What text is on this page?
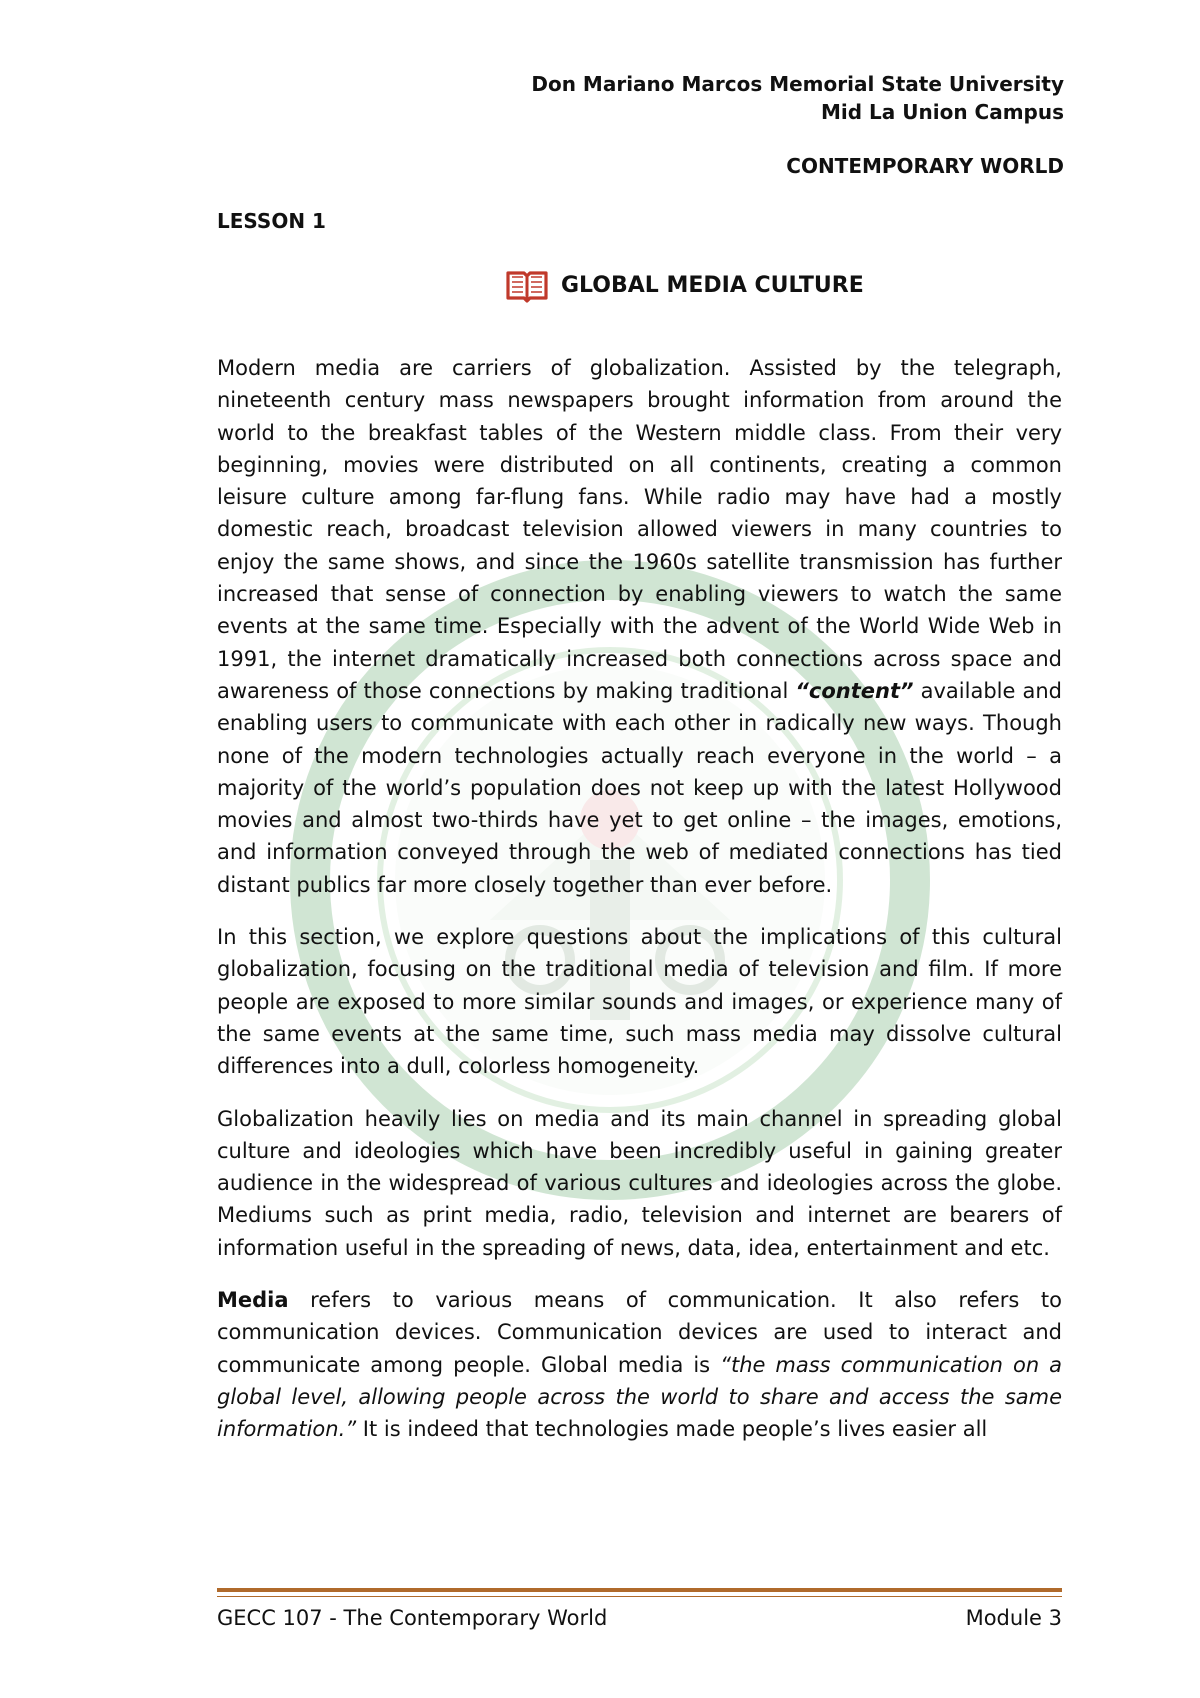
Don Mariano Marcos Memorial State University
Mid La Union Campus
CONTEMPORARY WORLD
LESSON 1
GLOBAL MEDIA CULTURE

Modern media are carriers of globalization. Assisted by the telegraph, nineteenth century mass newspapers brought information from around the world to the breakfast tables of the Western middle class. From their very beginning, movies were distributed on all continents, creating a common leisure culture among far-flung fans. While radio may have had a mostly domestic reach, broadcast television allowed viewers in many countries to enjoy the same shows, and since the 1960s satellite transmission has further increased that sense of connection by enabling viewers to watch the same events at the same time. Especially with the advent of the World Wide Web in 1991, the internet dramatically increased both connections across space and awareness of those connections by making traditional “content” available and enabling users to communicate with each other in radically new ways. Though none of the modern technologies actually reach everyone in the world – a majority of the world’s population does not keep up with the latest Hollywood movies and almost two-thirds have yet to get online – the images, emotions, and information conveyed through the web of mediated connections has tied distant publics far more closely together than ever before.

In this section, we explore questions about the implications of this cultural globalization, focusing on the traditional media of television and film. If more people are exposed to more similar sounds and images, or experience many of the same events at the same time, such mass media may dissolve cultural differences into a dull, colorless homogeneity.

Globalization heavily lies on media and its main channel in spreading global culture and ideologies which have been incredibly useful in gaining greater audience in the widespread of various cultures and ideologies across the globe. Mediums such as print media, radio, television and internet are bearers of information useful in the spreading of news, data, idea, entertainment and etc.

Media refers to various means of communication. It also refers to communication devices. Communication devices are used to interact and communicate among people. Global media is “the mass communication on a global level, allowing people across the world to share and access the same information.” It is indeed that technologies made people’s lives easier all

GECC 107 - The Contemporary World	Module 3
